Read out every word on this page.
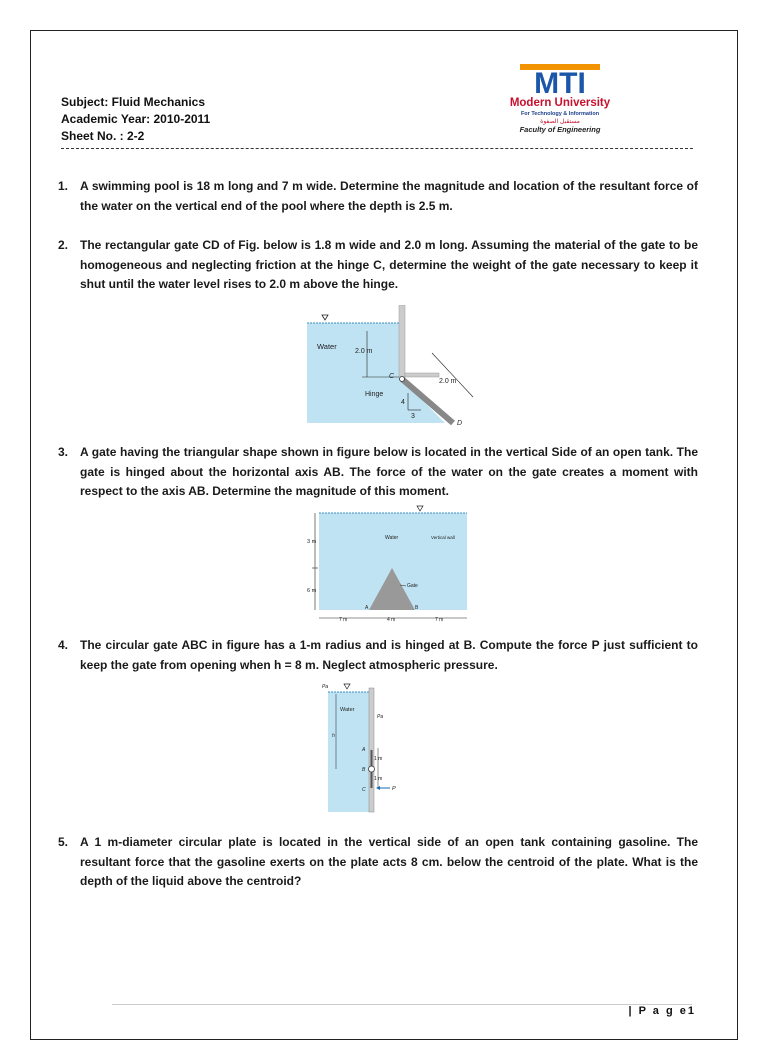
Subject: Fluid Mechanics
Academic Year: 2010-2011
Sheet No. : 2-2
MTI
Modern University
For Technology & Information
مستقبل الصفوة
Faculty of Engineering
1. A swimming pool is 18 m long and 7 m wide. Determine the magnitude and location of the resultant force of the water on the vertical end of the pool where the depth is 2.5 m.
2. The rectangular gate CD of Fig. below is 1.8 m wide and 2.0 m long. Assuming the material of the gate to be homogeneous and neglecting friction at the hinge C, determine the weight of the gate necessary to keep it shut until the water level rises to 2.0 m above the hinge.
2.0 m
Water
Hinge
C
D
2.0 m
4
3
3. A gate having the triangular shape shown in figure below is located in the vertical Side of an open tank. The gate is hinged about the horizontal axis AB. The force of the water on the gate creates a moment with respect to the axis AB. Determine the magnitude of this moment.
3 m
6 m
Water	Vertical wall
Gate
A	B
7 m	4 m	7 m
4. The circular gate ABC in figure has a 1-m radius and is hinged at B. Compute the force P just sufficient to keep the gate from opening when h = 8 m. Neglect atmospheric pressure.
Pa
Pa
Water
h
A
B
C
1 m
1 m
P
5. A 1 m-diameter circular plate is located in the vertical side of an open tank containing gasoline. The resultant force that the gasoline exerts on the plate acts 8 cm. below the centroid of the plate. What is the depth of the liquid above the centroid?
| P a g e1
